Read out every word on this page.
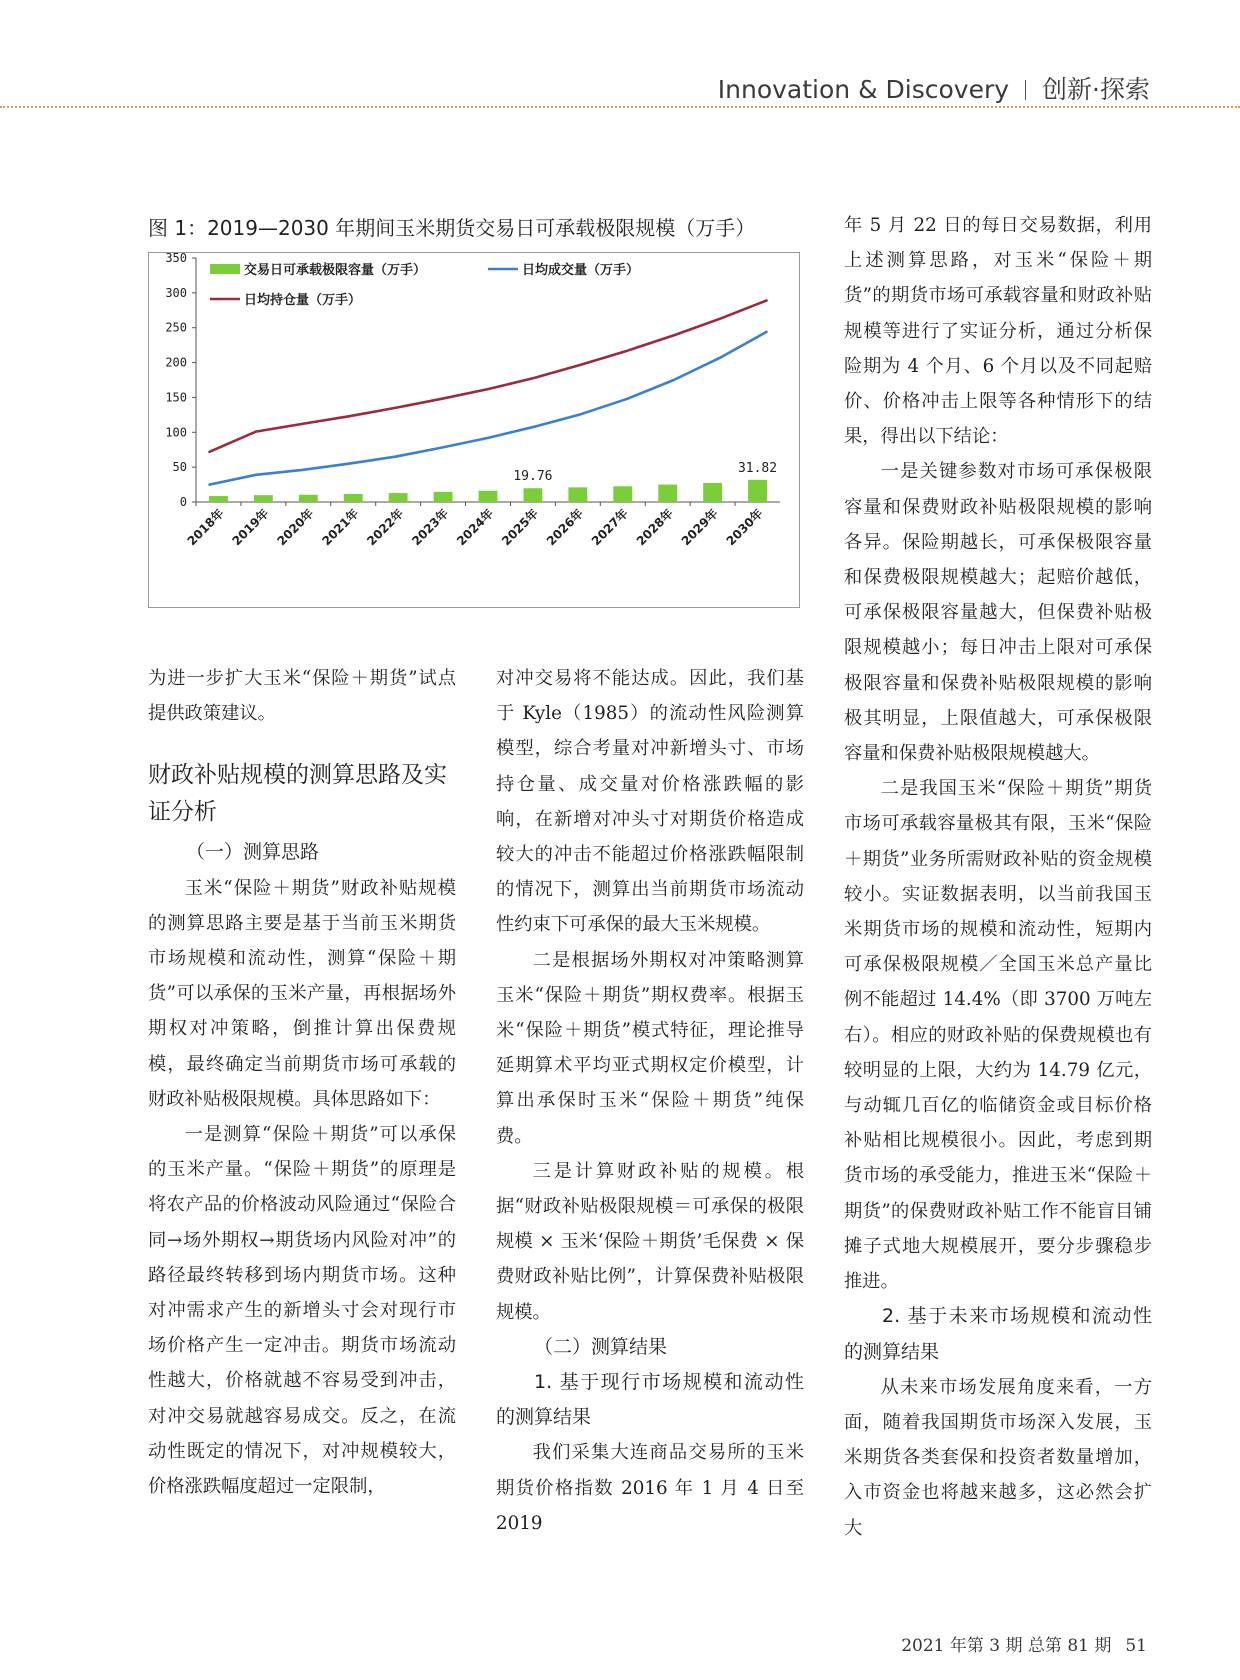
Innovation & Discovery 创新·探索
图 1：2019—2030 年期间玉米期货交易日可承载极限规模（万手）
0
50
100
150
200
250
300
350
2018年 2019年 2020年 2021年 2022年 2023年 2024年 2025年 2026年 2027年 2028年 2029年 2030年
19.76
31.82
交易日可承载极限容量（万手）	日均成交量（万手）
日均持仓量（万手）

为进一步扩大玉米“保险＋期货”试点提供政策建议。

财政补贴规模的测算思路及实证分析

（一）测算思路

玉米“保险＋期货”财政补贴规模的测算思路主要是基于当前玉米期货市场规模和流动性，测算“保险＋期货”可以承保的玉米产量，再根据场外期权对冲策略，倒推计算出保费规模，最终确定当前期货市场可承载的财政补贴极限规模。具体思路如下：

一是测算“保险＋期货”可以承保的玉米产量。“保险＋期货”的原理是将农产品的价格波动风险通过“保险合同→场外期权→期货场内风险对冲”的路径最终转移到场内期货市场。这种对冲需求产生的新增头寸会对现行市场价格产生一定冲击。期货市场流动性越大，价格就越不容易受到冲击，对冲交易就越容易成交。反之，在流动性既定的情况下，对冲规模较大，价格涨跌幅度超过一定限制，

对冲交易将不能达成。因此，我们基于 Kyle（1985）的流动性风险测算模型，综合考量对冲新增头寸、市场持仓量、成交量对价格涨跌幅的影响，在新增对冲头寸对期货价格造成较大的冲击不能超过价格涨跌幅限制的情况下，测算出当前期货市场流动性约束下可承保的最大玉米规模。

二是根据场外期权对冲策略测算玉米“保险＋期货”期权费率。根据玉米“保险＋期货”模式特征，理论推导延期算术平均亚式期权定价模型，计算出承保时玉米“保险＋期货”纯保费。

三是计算财政补贴的规模。根据“财政补贴极限规模＝可承保的极限规模 × 玉米‘保险＋期货’毛保费 × 保费财政补贴比例”，计算保费补贴极限规模。

（二）测算结果

1. 基于现行市场规模和流动性的测算结果

我们采集大连商品交易所的玉米期货价格指数 2016 年 1 月 4 日至 2019

年 5 月 22 日的每日交易数据，利用上述测算思路，对玉米“保险＋期货”的期货市场可承载容量和财政补贴规模等进行了实证分析，通过分析保险期为 4 个月、6 个月以及不同起赔价、价格冲击上限等各种情形下的结果，得出以下结论：

一是关键参数对市场可承保极限容量和保费财政补贴极限规模的影响各异。保险期越长，可承保极限容量和保费极限规模越大；起赔价越低，可承保极限容量越大，但保费补贴极限规模越小；每日冲击上限对可承保极限容量和保费补贴极限规模的影响极其明显，上限值越大，可承保极限容量和保费补贴极限规模越大。

二是我国玉米“保险＋期货”期货市场可承载容量极其有限，玉米“保险＋期货”业务所需财政补贴的资金规模较小。实证数据表明，以当前我国玉米期货市场的规模和流动性，短期内可承保极限规模／全国玉米总产量比例不能超过 14.4%（即 3700 万吨左右）。相应的财政补贴的保费规模也有较明显的上限，大约为 14.79 亿元，与动辄几百亿的临储资金或目标价格补贴相比规模很小。因此，考虑到期货市场的承受能力，推进玉米“保险＋期货”的保费财政补贴工作不能盲目铺摊子式地大规模展开，要分步骤稳步推进。

2. 基于未来市场规模和流动性的测算结果

从未来市场发展角度来看，一方面，随着我国期货市场深入发展，玉米期货各类套保和投资者数量增加，入市资金也将越来越多，这必然会扩大

2021 年第 3 期 总第 81 期 51
